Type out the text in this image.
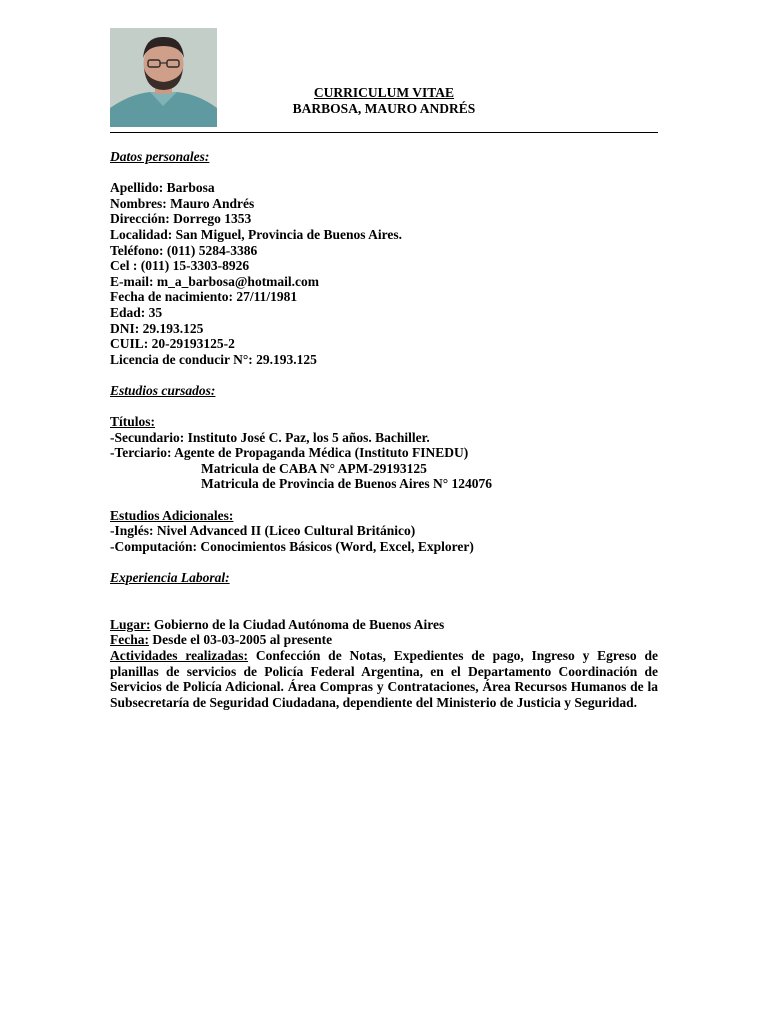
CURRICULUM VITAE
BARBOSA, MAURO ANDRÉS
Datos personales:
Apellido: Barbosa
Nombres: Mauro Andrés
Dirección: Dorrego 1353
Localidad: San Miguel, Provincia de Buenos Aires.
Teléfono: (011) 5284-3386
Cel : (011) 15-3303-8926
E-mail: m_a_barbosa@hotmail.com
Fecha de nacimiento: 27/11/1981
Edad: 35
DNI: 29.193.125
CUIL: 20-29193125-2
Licencia de conducir N°: 29.193.125
Estudios cursados:
Títulos:
-Secundario: Instituto José C. Paz, los 5 años. Bachiller.
-Terciario: Agente de Propaganda Médica (Instituto FINEDU)
Matricula de CABA N° APM-29193125
Matricula de Provincia de Buenos Aires N° 124076
Estudios Adicionales:
-Inglés: Nivel Advanced II (Liceo Cultural Británico)
-Computación: Conocimientos Básicos (Word, Excel, Explorer)
Experiencia Laboral:
Lugar: Gobierno de la Ciudad Autónoma de Buenos Aires
Fecha: Desde el 03-03-2005 al presente
Actividades realizadas: Confección de Notas, Expedientes de pago, Ingreso y Egreso de planillas de servicios de Policía Federal Argentina, en el Departamento Coordinación de Servicios de Policía Adicional. Área Compras y Contrataciones, Área Recursos Humanos de la Subsecretaría de Seguridad Ciudadana, dependiente del Ministerio de Justicia y Seguridad.
